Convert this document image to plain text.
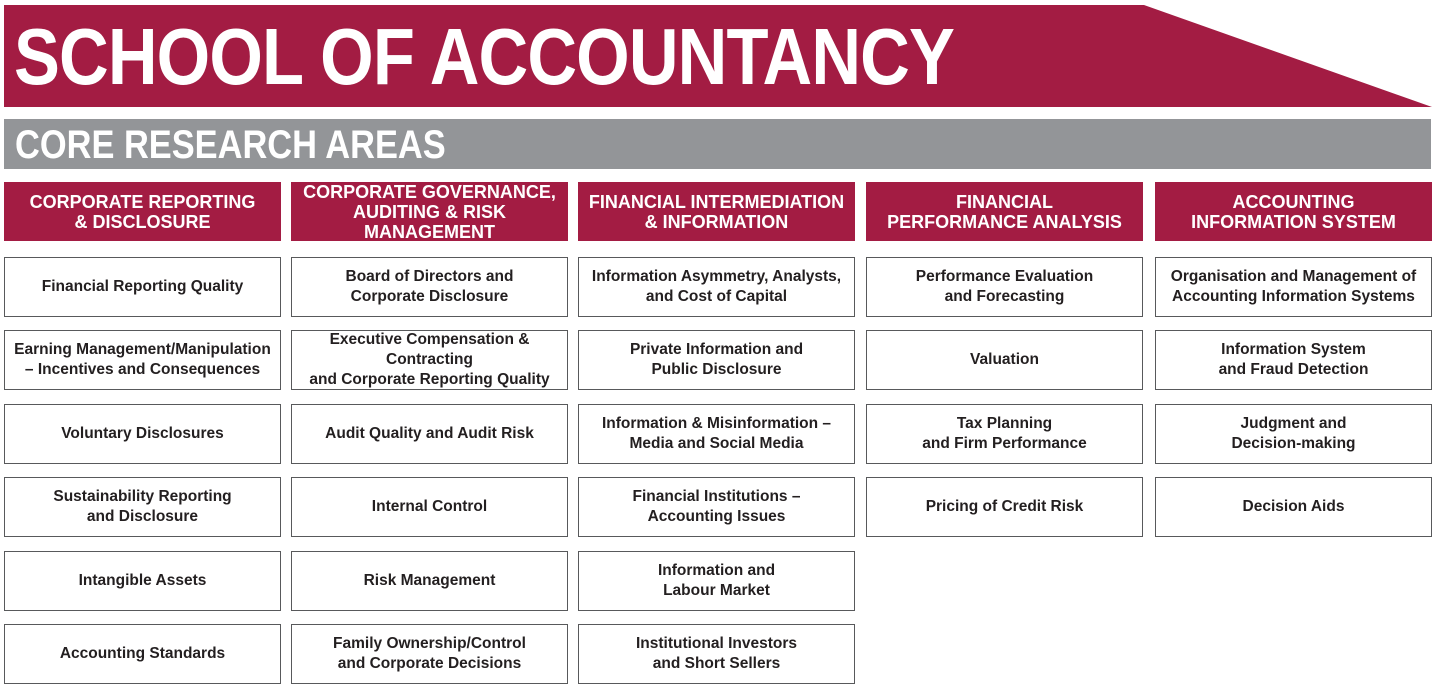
SCHOOL OF ACCOUNTANCY
CORE RESEARCH AREAS
CORPORATE REPORTING
& DISCLOSURE
Financial Reporting Quality
Earning Management/Manipulation
– Incentives and Consequences
Voluntary Disclosures
Sustainability Reporting
and Disclosure
Intangible Assets
Accounting Standards
CORPORATE GOVERNANCE,
AUDITING & RISK MANAGEMENT
Board of Directors and
Corporate Disclosure
Executive Compensation & Contracting
and Corporate Reporting Quality
Audit Quality and Audit Risk
Internal Control
Risk Management
Family Ownership/Control
and Corporate Decisions
FINANCIAL INTERMEDIATION
& INFORMATION
Information Asymmetry, Analysts,
and Cost of Capital
Private Information and
Public Disclosure
Information & Misinformation –
Media and Social Media
Financial Institutions –
Accounting Issues
Information and
Labour Market
Institutional Investors
and Short Sellers
FINANCIAL
PERFORMANCE ANALYSIS
Performance Evaluation
and Forecasting
Valuation
Tax Planning
and Firm Performance
Pricing of Credit Risk
ACCOUNTING
INFORMATION SYSTEM
Organisation and Management of
Accounting Information Systems
Information System
and Fraud Detection
Judgment and
Decision-making
Decision Aids
